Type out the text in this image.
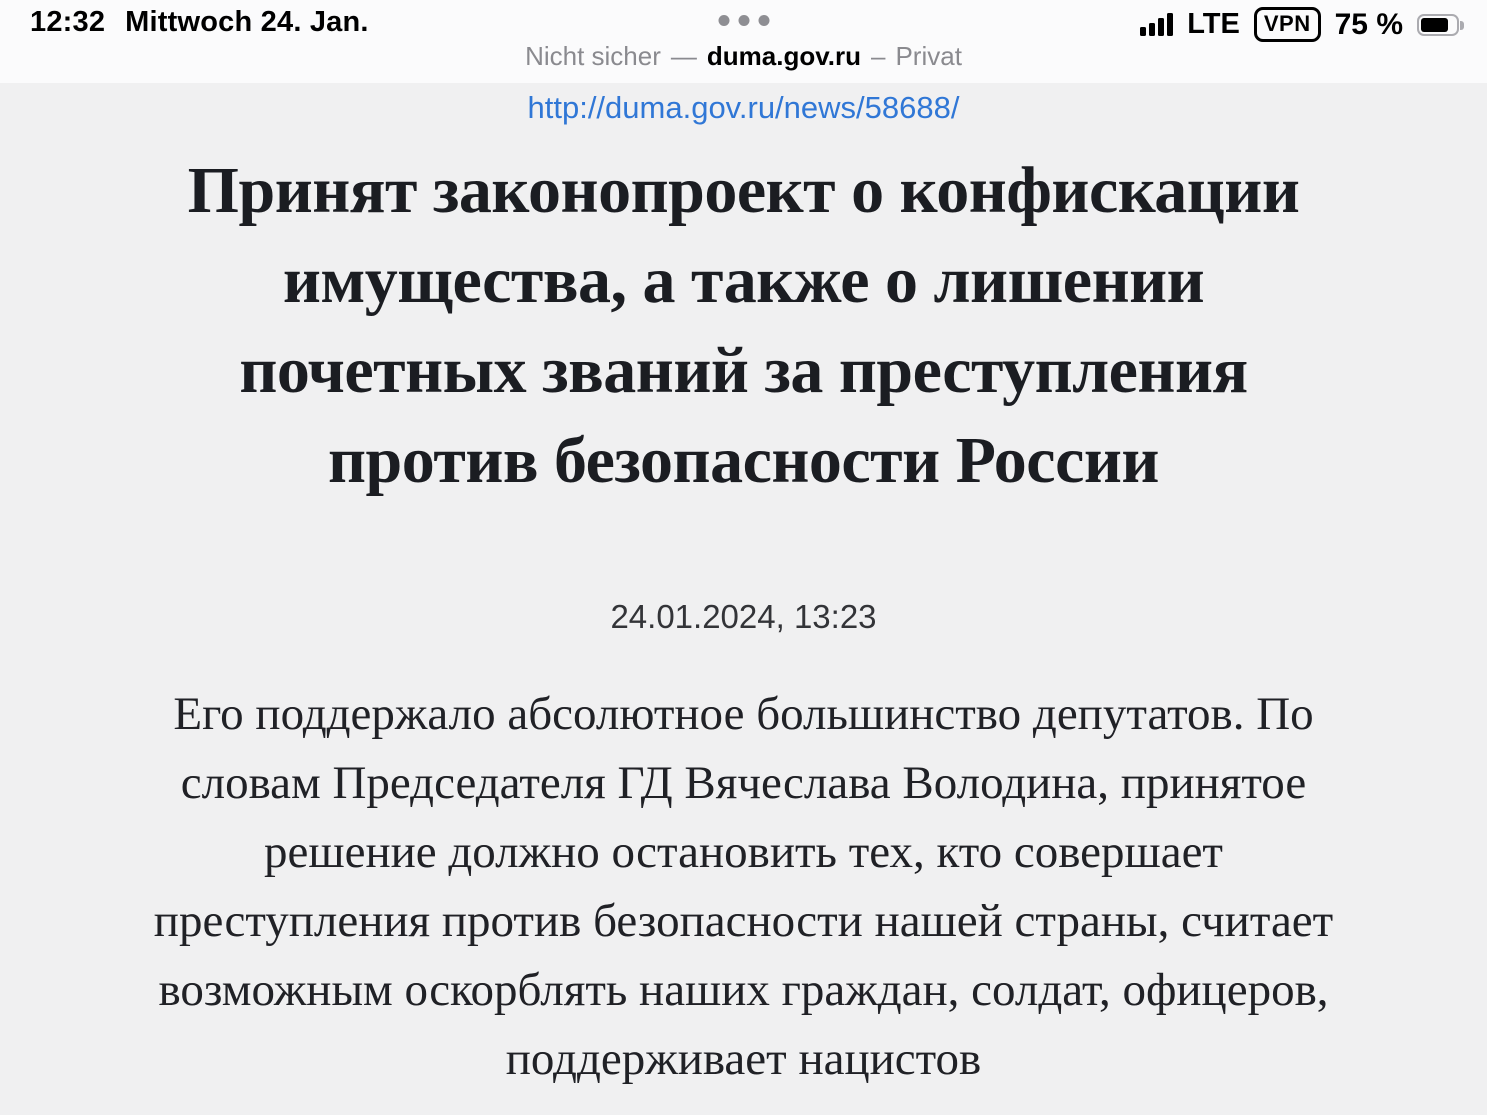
12:32 Mittwoch 24. Jan.	LTE	VPN 75 %
Nicht sicher — duma.gov.ru – Privat
http://duma.gov.ru/news/58688/
Принят законопроект о конфискации
имущества, а также о лишении
почетных званий за преступления
против безопасности России
24.01.2024, 13:23
Его поддержало абсолютное большинство депутатов. По
словам Председателя ГД Вячеслава Володина, принятое
решение должно остановить тех, кто совершает
преступления против безопасности нашей страны, считает
возможным оскорблять наших граждан, солдат, офицеров,
поддерживает нацистов
